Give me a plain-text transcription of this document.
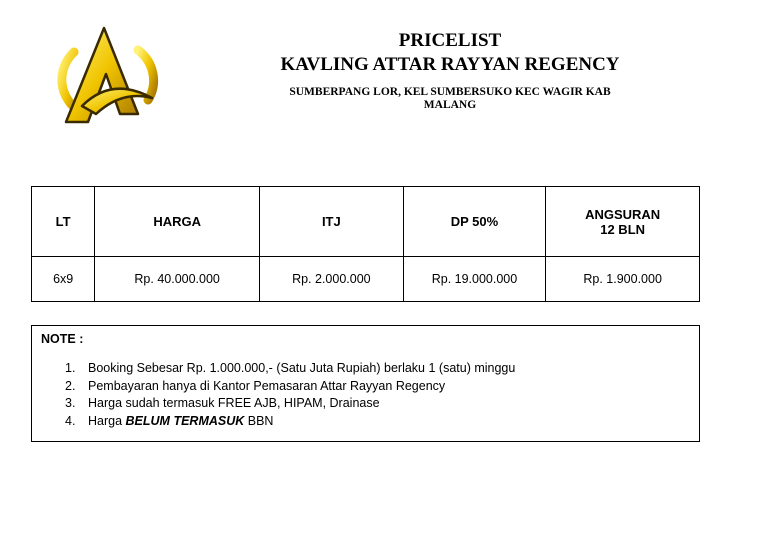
PRICELIST
KAVLING ATTAR RAYYAN REGENCY
SUMBERPANG LOR, KEL SUMBERSUKO KEC WAGIR KAB MALANG
LT	HARGA	ITJ	DP 50%	ANGSURAN
12 BLN

6x9	Rp. 40.000.000	Rp. 2.000.000	Rp. 19.000.000	Rp. 1.900.000
NOTE :
1. Booking Sebesar Rp. 1.000.000,- (Satu Juta Rupiah) berlaku 1 (satu) minggu
2. Pembayaran hanya di Kantor Pemasaran Attar Rayyan Regency
3. Harga sudah termasuk FREE AJB, HIPAM, Drainase
4. Harga BELUM TERMASUK BBN
